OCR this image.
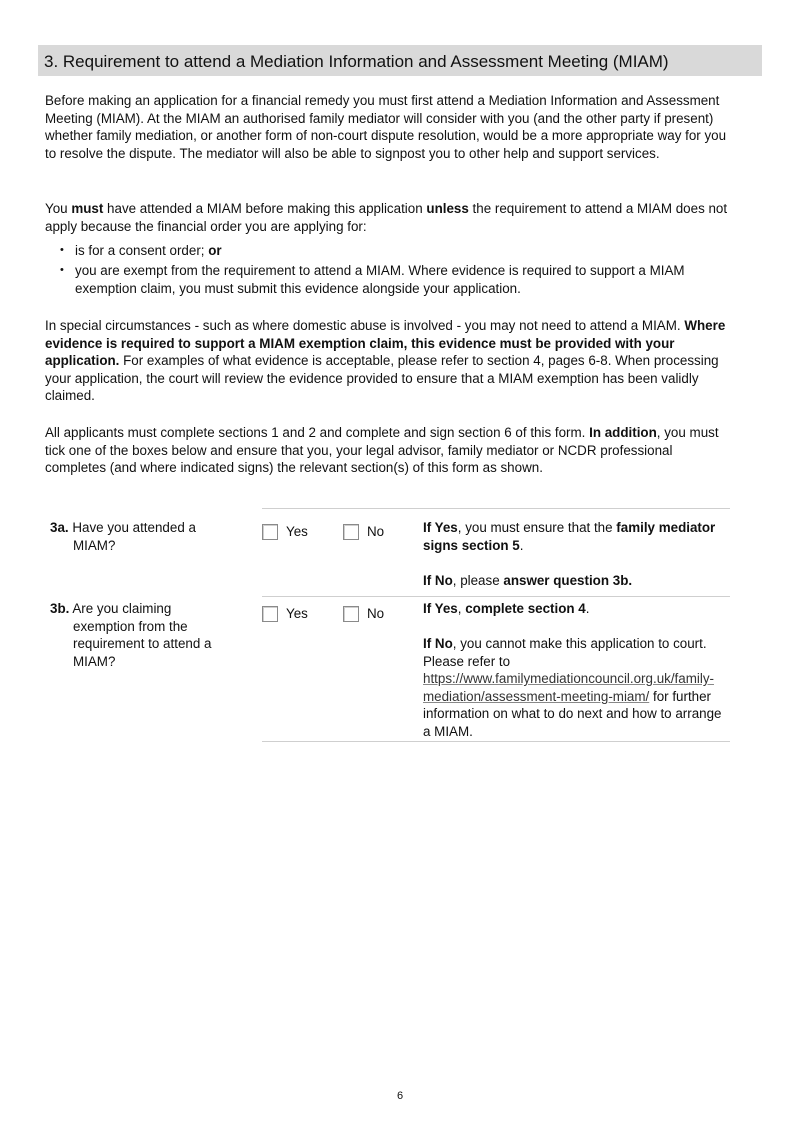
3. Requirement to attend a Mediation Information and Assessment Meeting (MIAM)

Before making an application for a financial remedy you must first attend a Mediation Information and Assessment Meeting (MIAM). At the MIAM an authorised family mediator will consider with you (and the other party if present) whether family mediation, or another form of non-court dispute resolution, would be a more appropriate way for you to resolve the dispute. The mediator will also be able to signpost you to other help and support services.

You must have attended a MIAM before making this application unless the requirement to attend a MIAM does not apply because the financial order you are applying for:

• is for a consent order; or
• you are exempt from the requirement to attend a MIAM. Where evidence is required to support a MIAM exemption claim, you must submit this evidence alongside your application.

In special circumstances - such as where domestic abuse is involved - you may not need to attend a MIAM. Where evidence is required to support a MIAM exemption claim, this evidence must be provided with your application. For examples of what evidence is acceptable, please refer to section 4, pages 6-8. When processing your application, the court will review the evidence provided to ensure that a MIAM exemption has been validly claimed.

All applicants must complete sections 1 and 2 and complete and sign section 6 of this form. In addition, you must tick one of the boxes below and ensure that you, your legal advisor, family mediator or NCDR professional completes (and where indicated signs) the relevant section(s) of this form as shown.

3a. Have you attended a
MIAM?
Yes	No	If Yes, you must ensure that the family mediator signs section 5.
If No, please answer question 3b.
3b. Are you claiming
exemption from the requirement to attend a MIAM?
Yes	No	If Yes, complete section 4.
If No, you cannot make this application to court. Please refer to https://www.familymediationcouncil.org.uk/family-mediation/assessment-meeting-miam/ for further information on what to do next and how to arrange a MIAM.
6
